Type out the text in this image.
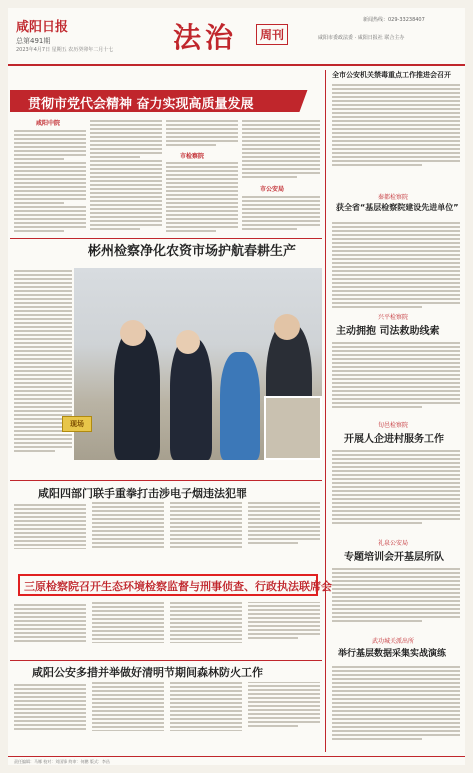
咸阳日报
总第491期
2023年4月7日 星期五 农历癸卯年二月十七 法治	周刊
新闻热线：029-33238407
咸阳市委政法委 · 咸阳日报社 联合主办
贯彻市党代会精神 奋力实现高质量发展
咸阳中院
市检察院
市公安局
全市公安机关禁毒重点工作推进会召开
秦都检察院
获全省“基层检察院建设先进单位”
兴平检察院
主动拥抱 司法救助线索
旬邑检察院
开展人企进村服务工作
礼泉公安局
专题培训会开基层所队
武功城关派出所
举行基层数据采集实战演练
彬州检察净化农资市场护航春耕生产
现场
咸阳四部门联手重拳打击涉电子烟违法犯罪
三原检察院召开生态环境检察监督与刑事侦查、行政执法联席会
咸阳公安多措并举做好清明节期间森林防火工作
责任编辑：马娜 校对：刘国锋 终审：何鹏 版式：李昌
